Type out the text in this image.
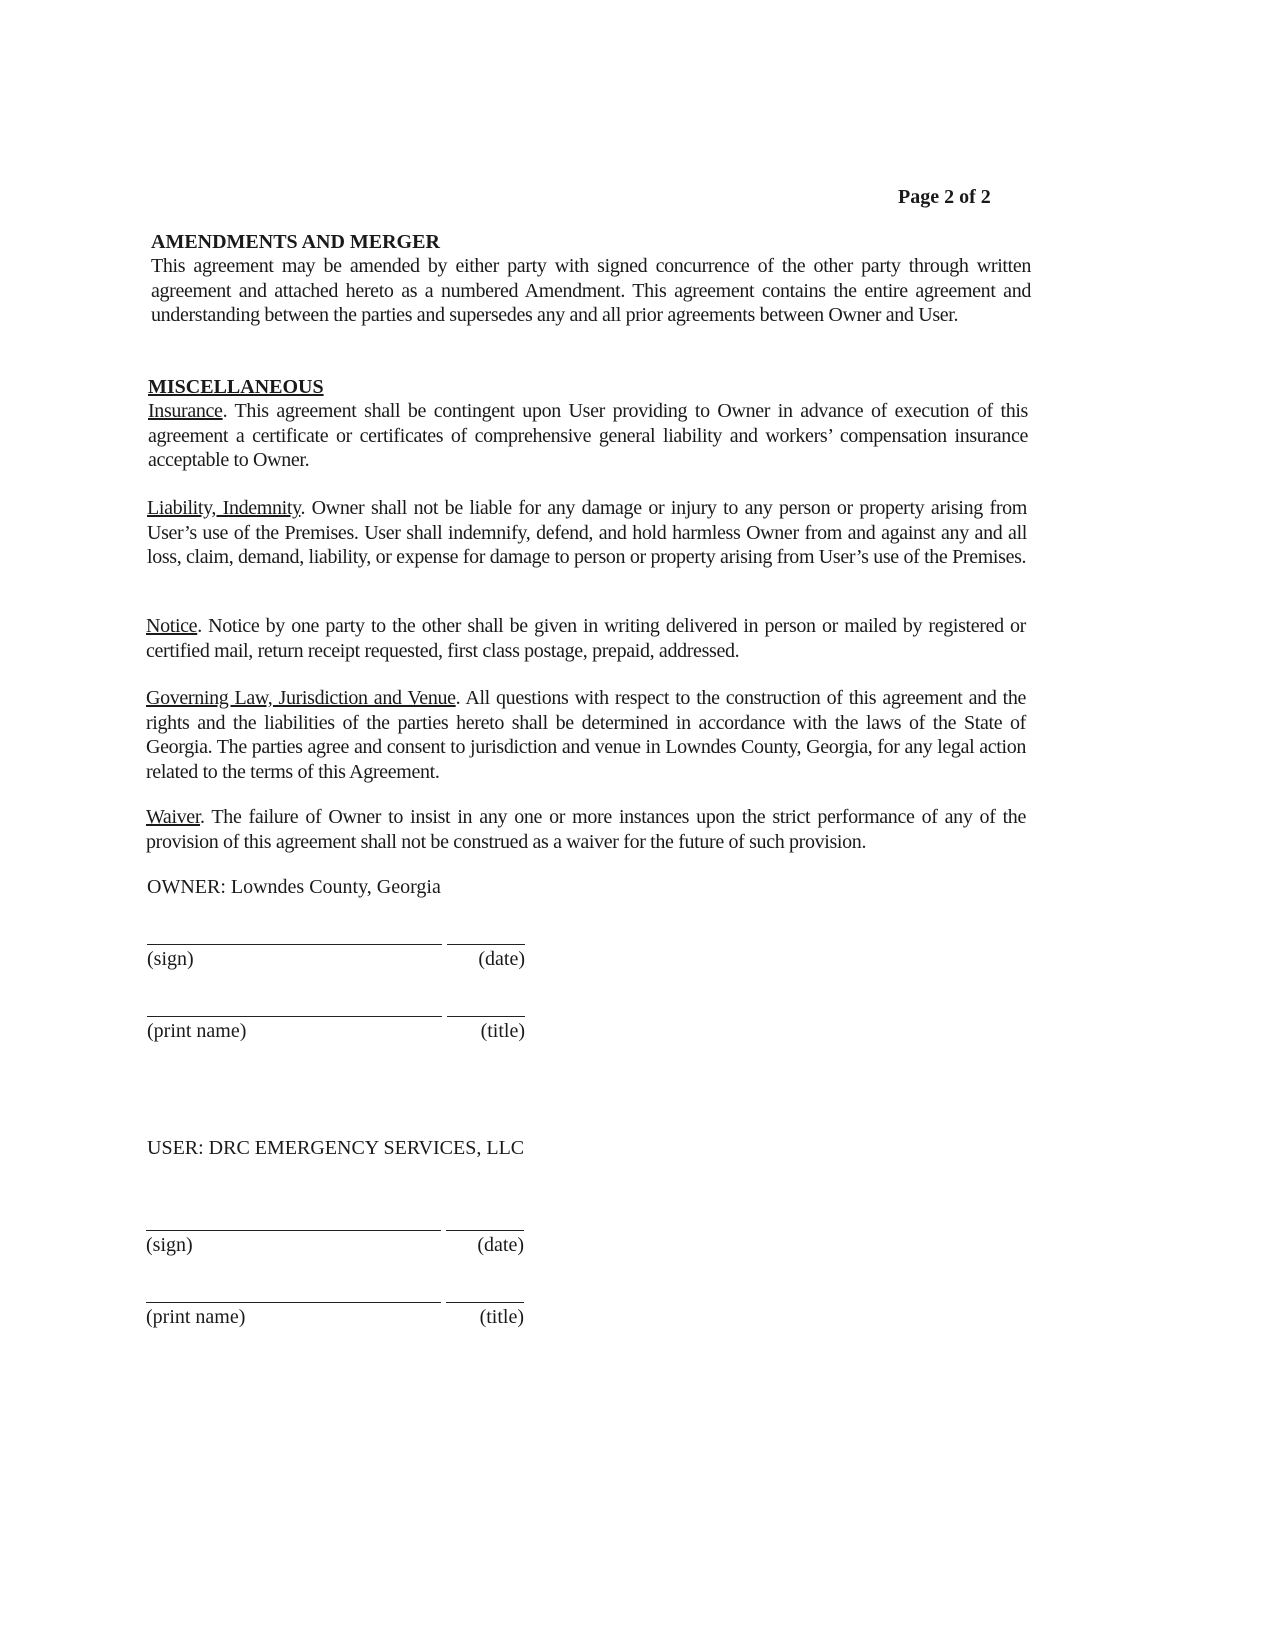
Page 2 of 2
AMENDMENTS AND MERGER
This agreement may be amended by either party with signed concurrence of the other party through written agreement and attached hereto as a numbered Amendment. This agreement contains the entire agreement and understanding between the parties and supersedes any and all prior agreements between Owner and User.
MISCELLANEOUS
Insurance. This agreement shall be contingent upon User providing to Owner in advance of execution of this agreement a certificate or certificates of comprehensive general liability and workers’ compensation insurance acceptable to Owner.
Liability, Indemnity. Owner shall not be liable for any damage or injury to any person or property arising from User’s use of the Premises. User shall indemnify, defend, and hold harmless Owner from and against any and all loss, claim, demand, liability, or expense for damage to person or property arising from User’s use of the Premises.
Notice. Notice by one party to the other shall be given in writing delivered in person or mailed by registered or certified mail, return receipt requested, first class postage, prepaid, addressed.
Governing Law, Jurisdiction and Venue. All questions with respect to the construction of this agreement and the rights and the liabilities of the parties hereto shall be determined in accordance with the laws of the State of Georgia. The parties agree and consent to jurisdiction and venue in Lowndes County, Georgia, for any legal action related to the terms of this Agreement.
Waiver. The failure of Owner to insist in any one or more instances upon the strict performance of any of the provision of this agreement shall not be construed as a waiver for the future of such provision.
OWNER: Lowndes County, Georgia
(sign)	(date)
(print name)	(title)
USER: DRC EMERGENCY SERVICES, LLC
(sign)	(date)
(print name)	(title)
